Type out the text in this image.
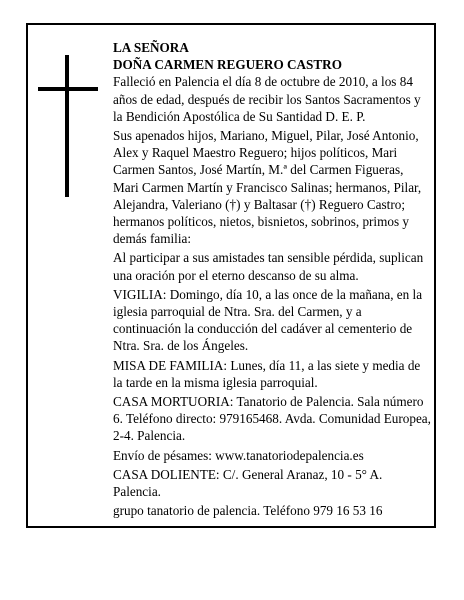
LA SEÑORA

DOÑA CARMEN REGUERO CASTRO

Falleció en Palencia el día 8 de octubre de 2010, a los 84 años de edad, después de recibir los Santos Sacramentos y la Bendición Apostólica de Su Santidad D. E. P.

Sus apenados hijos, Mariano, Miguel, Pilar, José Antonio, Alex y Raquel Maestro Reguero; hijos políticos, Mari Carmen Santos, José Martín, M.ª del Carmen Figueras, Mari Carmen Martín y Francisco Salinas; hermanos, Pilar, Alejandra, Valeriano (†) y Baltasar (†) Reguero Castro; hermanos políticos, nietos, bisnietos, sobrinos, primos y demás familia:

Al participar a sus amistades tan sensible pérdida, suplican una oración por el eterno descanso de su alma.

VIGILIA: Domingo, día 10, a las once de la mañana, en la iglesia parroquial de Ntra. Sra. del Carmen, y a continuación la conducción del cadáver al cementerio de Ntra. Sra. de los Ángeles.

MISA DE FAMILIA: Lunes, día 11, a las siete y media de la tarde en la misma iglesia parroquial.

CASA MORTUORIA: Tanatorio de Palencia. Sala número 6. Teléfono directo: 979165468. Avda. Comunidad Europea, 2-4. Palencia.

Envío de pésames: www.tanatoriodepalencia.es

CASA DOLIENTE: C/. General Aranaz, 10 - 5° A. Palencia.

grupo tanatorio de palencia. Teléfono 979 16 53 16
